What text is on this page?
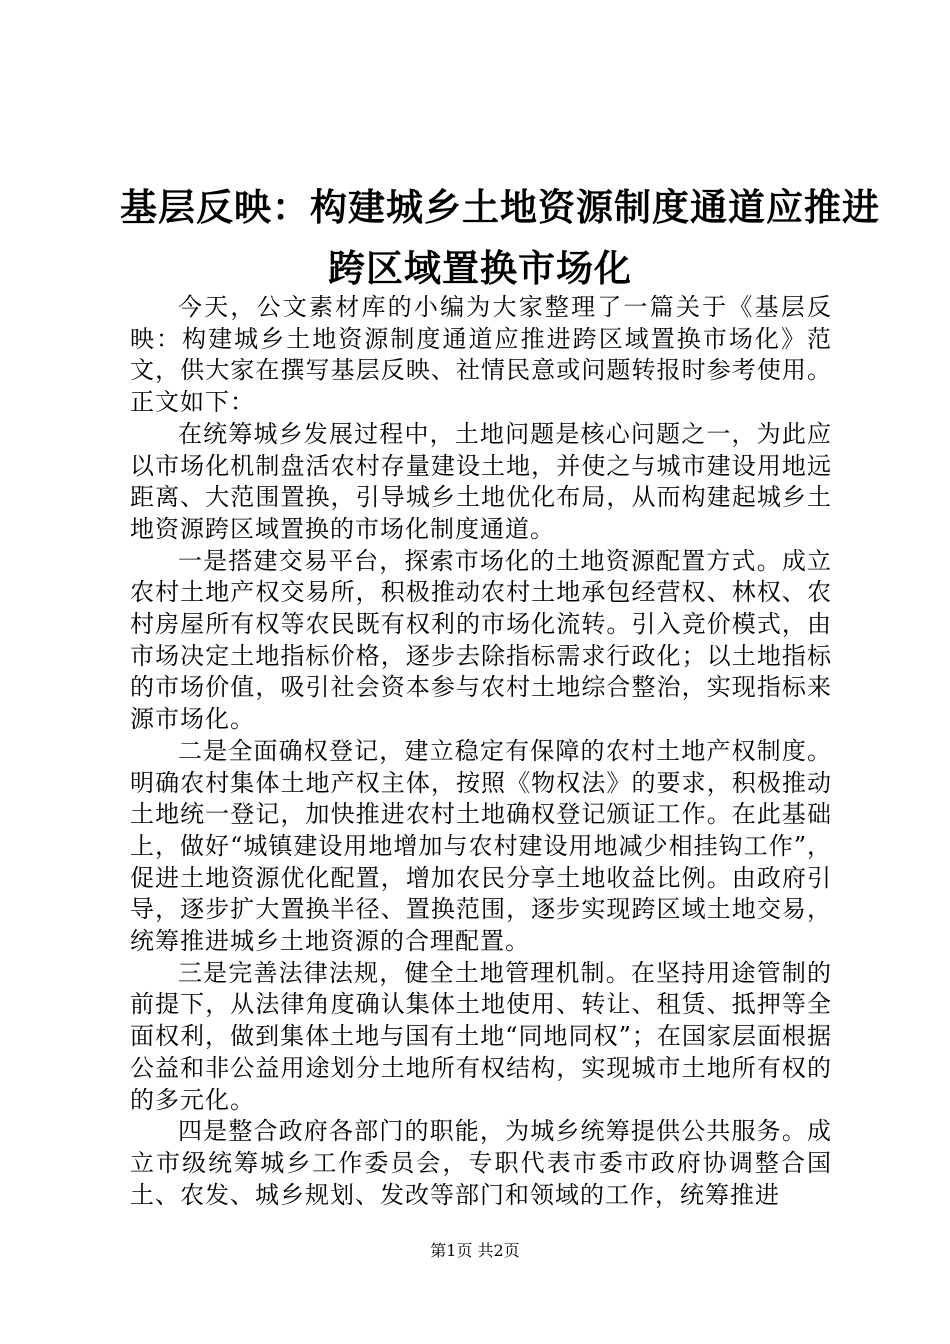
基层反映：构建城乡土地资源制度通道应推进
跨区域置换市场化

今天，公文素材库的小编为大家整理了一篇关于《基层反映：构建城乡土地资源制度通道应推进跨区域置换市场化》范文，供大家在撰写基层反映、社情民意或问题转报时参考使用。正文如下：

在统筹城乡发展过程中，土地问题是核心问题之一，为此应以市场化机制盘活农村存量建设土地，并使之与城市建设用地远距离、大范围置换，引导城乡土地优化布局，从而构建起城乡土地资源跨区域置换的市场化制度通道。

一是搭建交易平台，探索市场化的土地资源配置方式。成立农村土地产权交易所，积极推动农村土地承包经营权、林权、农村房屋所有权等农民既有权利的市场化流转。引入竞价模式，由市场决定土地指标价格，逐步去除指标需求行政化；以土地指标的市场价值，吸引社会资本参与农村土地综合整治，实现指标来源市场化。

二是全面确权登记，建立稳定有保障的农村土地产权制度。明确农村集体土地产权主体，按照《物权法》的要求，积极推动土地统一登记，加快推进农村土地确权登记颁证工作。在此基础上，做好“城镇建设用地增加与农村建设用地减少相挂钩工作”，促进土地资源优化配置，增加农民分享土地收益比例。由政府引导，逐步扩大置换半径、置换范围，逐步实现跨区域土地交易，统筹推进城乡土地资源的合理配置。

三是完善法律法规，健全土地管理机制。在坚持用途管制的前提下，从法律角度确认集体土地使用、转让、租赁、抵押等全面权利，做到集体土地与国有土地“同地同权”；在国家层面根据公益和非公益用途划分土地所有权结构，实现城市土地所有权的的多元化。

四是整合政府各部门的职能，为城乡统筹提供公共服务。成立市级统筹城乡工作委员会，专职代表市委市政府协调整合国土、农发、城乡规划、发改等部门和领域的工作，统筹推进

第1页 共2页
